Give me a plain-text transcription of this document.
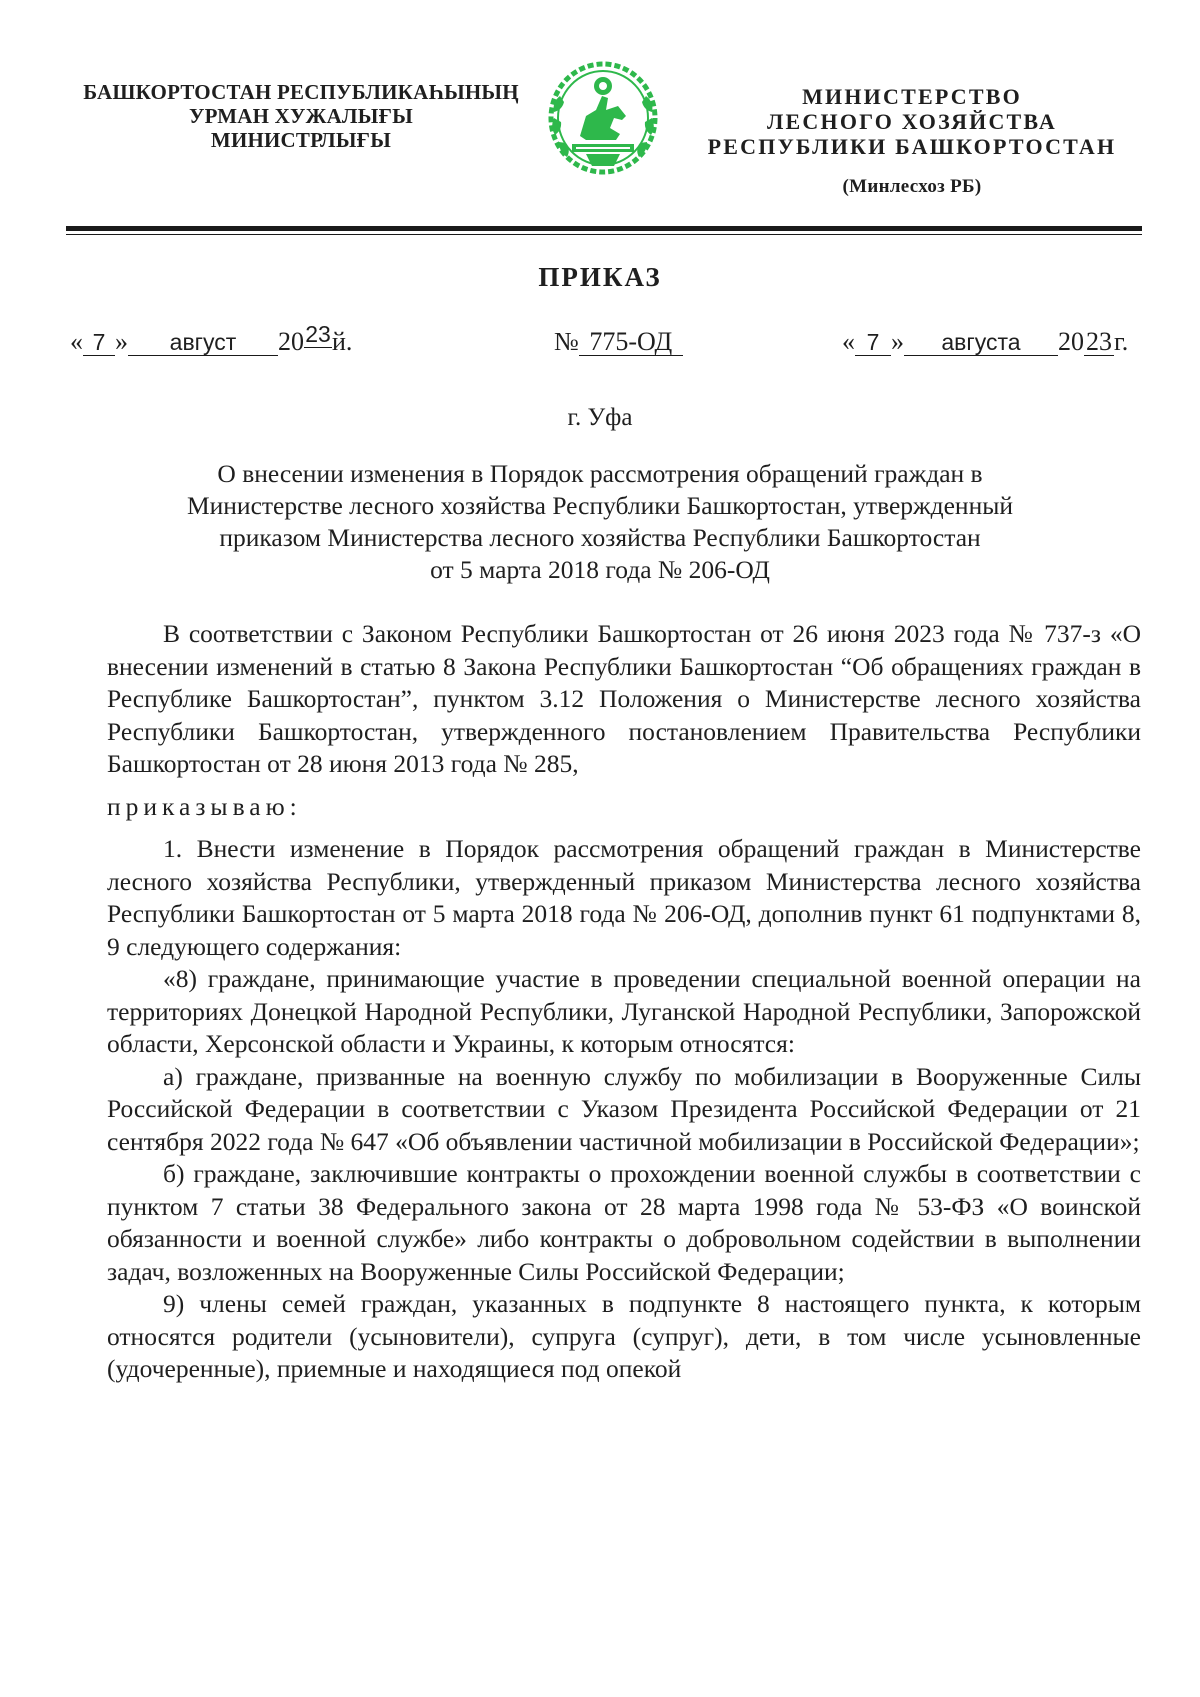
БАШКОРТОСТАН РЕСПУБЛИКАҺЫНЫҢ
УРМАН ХУЖАЛЫҒЫ
МИНИСТРЛЫҒЫ
МИНИСТЕРСТВО
ЛЕСНОГО ХОЗЯЙСТВА
РЕСПУБЛИКИ БАШКОРТОСТАН
(Минлесхоз РБ)
ПРИКАЗ
« 7 » август 2023й.	№ 775-ОД	« 7 » августа 2023г.
г. Уфа
О внесении изменения в Порядок рассмотрения обращений граждан в
Министерстве лесного хозяйства Республики Башкортостан, утвержденный
приказом Министерства лесного хозяйства Республики Башкортостан
от 5 марта 2018 года № 206-ОД

В соответствии с Законом Республики Башкортостан от 26 июня 2023 года № 737-з «О внесении изменений в статью 8 Закона Республики Башкортостан “Об обращениях граждан в Республике Башкортостан”, пунктом 3.12 Положения о Министерстве лесного хозяйства Республики Башкортостан, утвержденного постановлением Правительства Республики Башкортостан от 28 июня 2013 года № 285,

приказываю:

1. Внести изменение в Порядок рассмотрения обращений граждан в Министерстве лесного хозяйства Республики, утвержденный приказом Министерства лесного хозяйства Республики Башкортостан от 5 марта 2018 года № 206-ОД, дополнив пункт 61 подпунктами 8, 9 следующего содержания:

«8) граждане, принимающие участие в проведении специальной военной операции на территориях Донецкой Народной Республики, Луганской Народной Республики, Запорожской области, Херсонской области и Украины, к которым относятся:

а) граждане, призванные на военную службу по мобилизации в Вооруженные Силы Российской Федерации в соответствии с Указом Президента Российской Федерации от 21 сентября 2022 года № 647 «Об объявлении частичной мобилизации в Российской Федерации»;

б) граждане, заключившие контракты о прохождении военной службы в соответствии с пунктом 7 статьи 38 Федерального закона от 28 марта 1998 года № 53-ФЗ «О воинской обязанности и военной службе» либо контракты о добровольном содействии в выполнении задач, возложенных на Вооруженные Силы Российской Федерации;

9) члены семей граждан, указанных в подпункте 8 настоящего пункта, к которым относятся родители (усыновители), супруга (супруг), дети, в том числе усыновленные (удочеренные), приемные и находящиеся под опекой
